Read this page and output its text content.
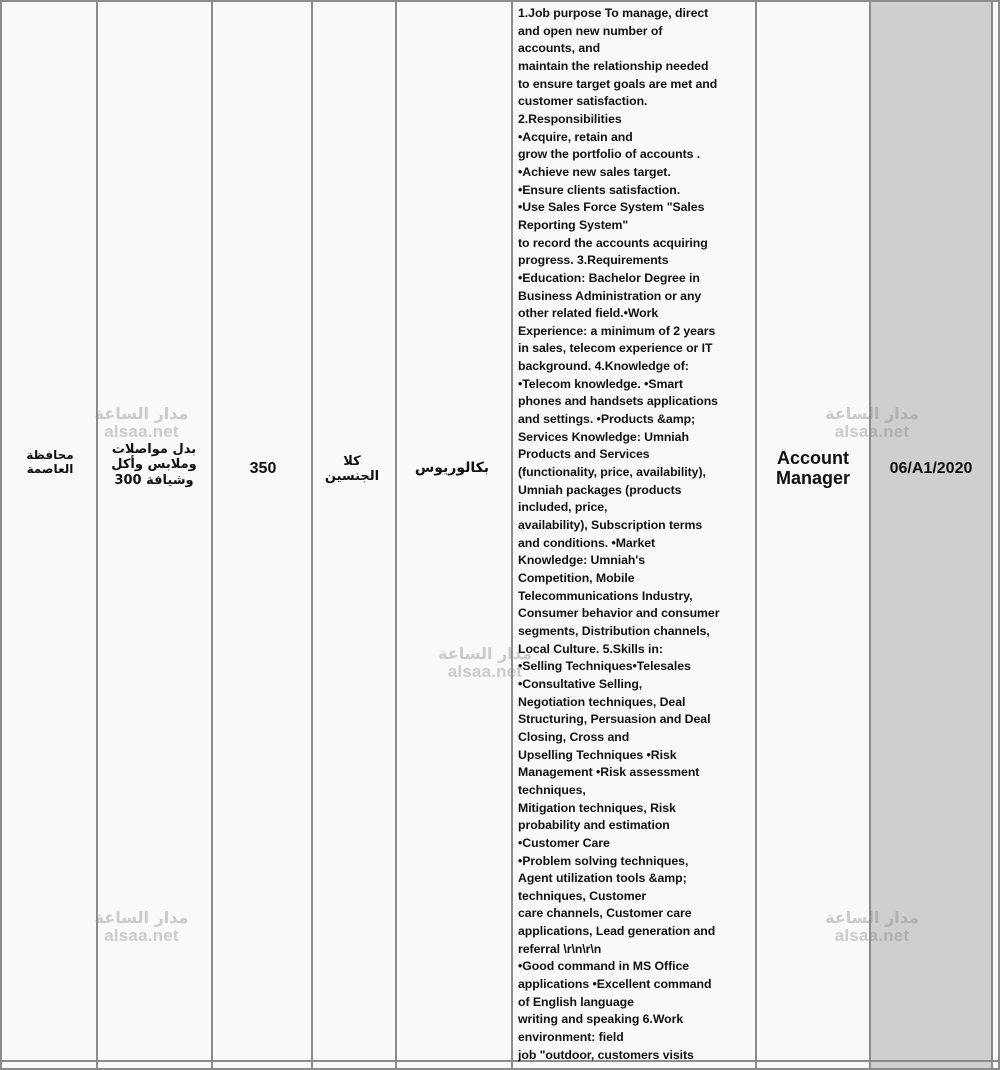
محافظة
العاصمة
بدل مواصلات
وملابس وأكل
وشيافة 300
350	كلا
الجنسين
بكالوريوس
1.Job purpose To manage, direct
and open new number of
accounts, and
maintain the relationship needed
to ensure target goals are met and
customer satisfaction.
2.Responsibilities
•Acquire, retain and
grow the portfolio of accounts .
•Achieve new sales target.
•Ensure clients satisfaction.
•Use Sales Force System "Sales
Reporting System"
to record the accounts acquiring
progress. 3.Requirements
•Education: Bachelor Degree in
Business Administration or any
other related field.•Work
Experience: a minimum of 2 years
in sales, telecom experience or IT
background. 4.Knowledge of:
•Telecom knowledge. •Smart
phones and handsets applications
and settings. •Products &amp;
Services Knowledge: Umniah
Products and Services
(functionality, price, availability),
Umniah packages (products
included, price,
availability), Subscription terms
and conditions. •Market
Knowledge: Umniah's
Competition, Mobile
Telecommunications Industry,
Consumer behavior and consumer
segments, Distribution channels,
Local Culture. 5.Skills in:
•Selling Techniques•Telesales
•Consultative Selling,
Negotiation techniques, Deal
Structuring, Persuasion and Deal
Closing, Cross and
Upselling Techniques •Risk
Management •Risk assessment
techniques,
Mitigation techniques, Risk
probability and estimation
•Customer Care
•Problem solving techniques,
Agent utilization tools &amp;
techniques, Customer
care channels, Customer care
applications, Lead generation and
referral \r\n\r\n
•Good command in MS Office
applications •Excellent command
of English language
writing and speaking 6.Work
environment: field
job "outdoor, customers visits
Account
Manager	06/A1/2020
مدار الساعة
alsaa.net
مدار الساعة
alsaa.net
مدار الساعة
alsaa.net
مدار الساعة
alsaa.net
مدار الساعة
alsaa.net
